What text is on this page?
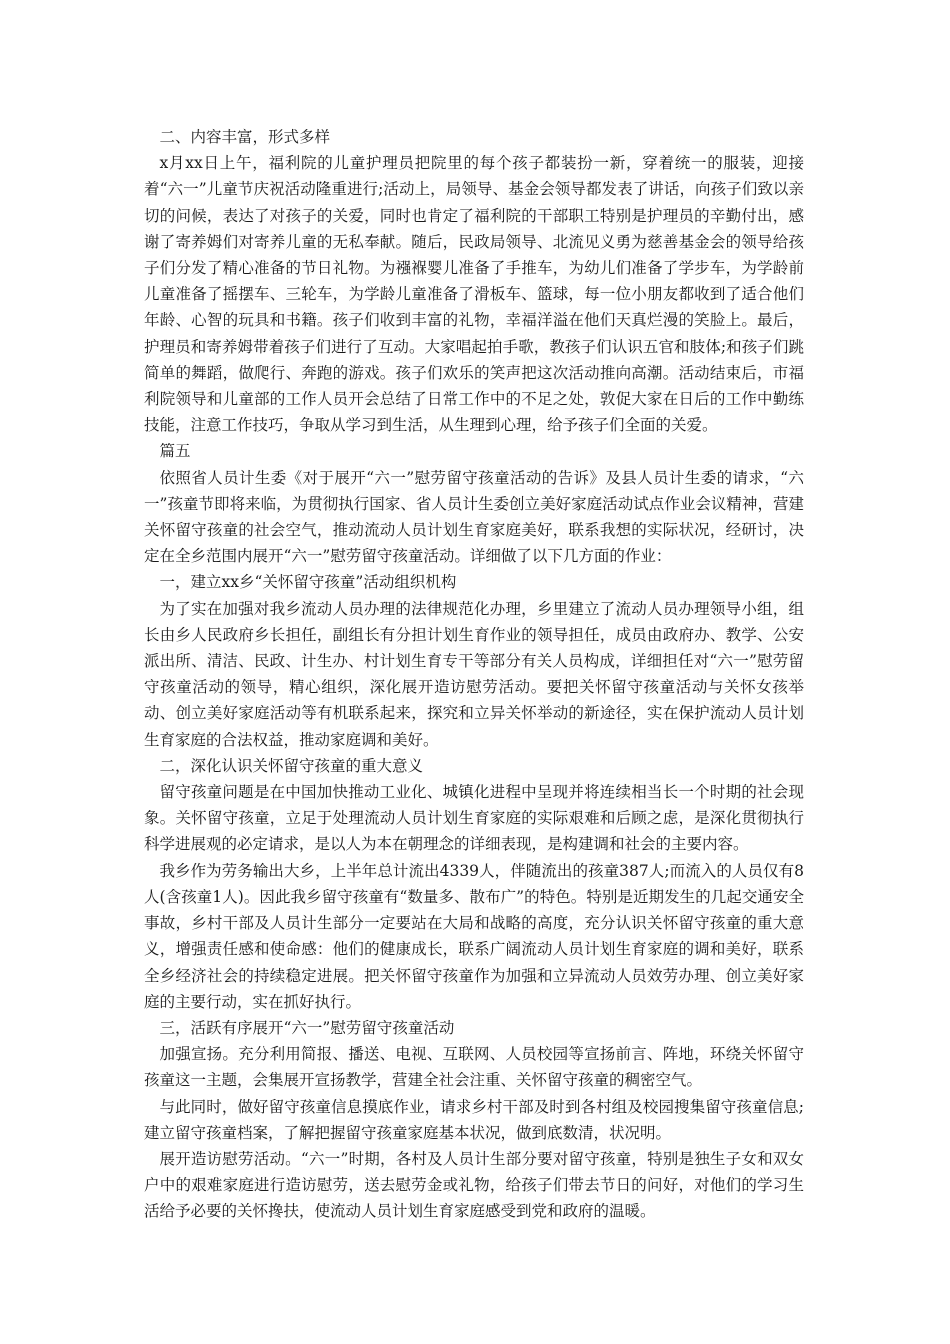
二、内容丰富，形式多样

x月xx日上午，福利院的儿童护理员把院里的每个孩子都装扮一新，穿着统一的服装，迎接着“六一”儿童节庆祝活动隆重进行;活动上，局领导、基金会领导都发表了讲话，向孩子们致以亲切的问候，表达了对孩子的关爱，同时也肯定了福利院的干部职工特别是护理员的辛勤付出，感谢了寄养姆们对寄养儿童的无私奉献。随后，民政局领导、北流见义勇为慈善基金会的领导给孩子们分发了精心准备的节日礼物。为襁褓婴儿准备了手推车，为幼儿们准备了学步车，为学龄前儿童准备了摇摆车、三轮车，为学龄儿童准备了滑板车、篮球，每一位小朋友都收到了适合他们年龄、心智的玩具和书籍。孩子们收到丰富的礼物，幸福洋溢在他们天真烂漫的笑脸上。最后，护理员和寄养姆带着孩子们进行了互动。大家唱起拍手歌，教孩子们认识五官和肢体;和孩子们跳简单的舞蹈，做爬行、奔跑的游戏。孩子们欢乐的笑声把这次活动推向高潮。活动结束后，市福利院领导和儿童部的工作人员开会总结了日常工作中的不足之处，敦促大家在日后的工作中勤练技能，注意工作技巧，争取从学习到生活，从生理到心理，给予孩子们全面的关爱。

篇五

依照省人员计生委《对于展开“六一”慰劳留守孩童活动的告诉》及县人员计生委的请求，“六一”孩童节即将来临，为贯彻执行国家、省人员计生委创立美好家庭活动试点作业会议精神，营建关怀留守孩童的社会空气，推动流动人员计划生育家庭美好，联系我想的实际状况，经研讨，决定在全乡范围内展开“六一”慰劳留守孩童活动。详细做了以下几方面的作业：

一，建立xx乡“关怀留守孩童”活动组织机构

为了实在加强对我乡流动人员办理的法律规范化办理，乡里建立了流动人员办理领导小组，组长由乡人民政府乡长担任，副组长有分担计划生育作业的领导担任，成员由政府办、教学、公安派出所、清洁、民政、计生办、村计划生育专干等部分有关人员构成，详细担任对“六一”慰劳留守孩童活动的领导，精心组织，深化展开造访慰劳活动。要把关怀留守孩童活动与关怀女孩举动、创立美好家庭活动等有机联系起来，探究和立异关怀举动的新途径，实在保护流动人员计划生育家庭的合法权益，推动家庭调和美好。

二，深化认识关怀留守孩童的重大意义

留守孩童问题是在中国加快推动工业化、城镇化进程中呈现并将连续相当长一个时期的社会现象。关怀留守孩童，立足于处理流动人员计划生育家庭的实际艰难和后顾之虑，是深化贯彻执行科学进展观的必定请求，是以人为本在朝理念的详细表现，是构建调和社会的主要内容。

我乡作为劳务输出大乡，上半年总计流出4339人，伴随流出的孩童387人;而流入的人员仅有8人(含孩童1人)。因此我乡留守孩童有“数量多、散布广”的特色。特别是近期发生的几起交通安全事故，乡村干部及人员计生部分一定要站在大局和战略的高度，充分认识关怀留守孩童的重大意义，增强责任感和使命感：他们的健康成长，联系广阔流动人员计划生育家庭的调和美好，联系全乡经济社会的持续稳定进展。把关怀留守孩童作为加强和立异流动人员效劳办理、创立美好家庭的主要行动，实在抓好执行。

三，活跃有序展开“六一”慰劳留守孩童活动

加强宣扬。充分利用简报、播送、电视、互联网、人员校园等宣扬前言、阵地，环绕关怀留守孩童这一主题，会集展开宣扬教学，营建全社会注重、关怀留守孩童的稠密空气。

与此同时，做好留守孩童信息摸底作业，请求乡村干部及时到各村组及校园搜集留守孩童信息;建立留守孩童档案，了解把握留守孩童家庭基本状况，做到底数清，状况明。

展开造访慰劳活动。“六一”时期，各村及人员计生部分要对留守孩童，特别是独生子女和双女户中的艰难家庭进行造访慰劳，送去慰劳金或礼物，给孩子们带去节日的问好，对他们的学习生活给予必要的关怀搀扶，使流动人员计划生育家庭感受到党和政府的温暖。
